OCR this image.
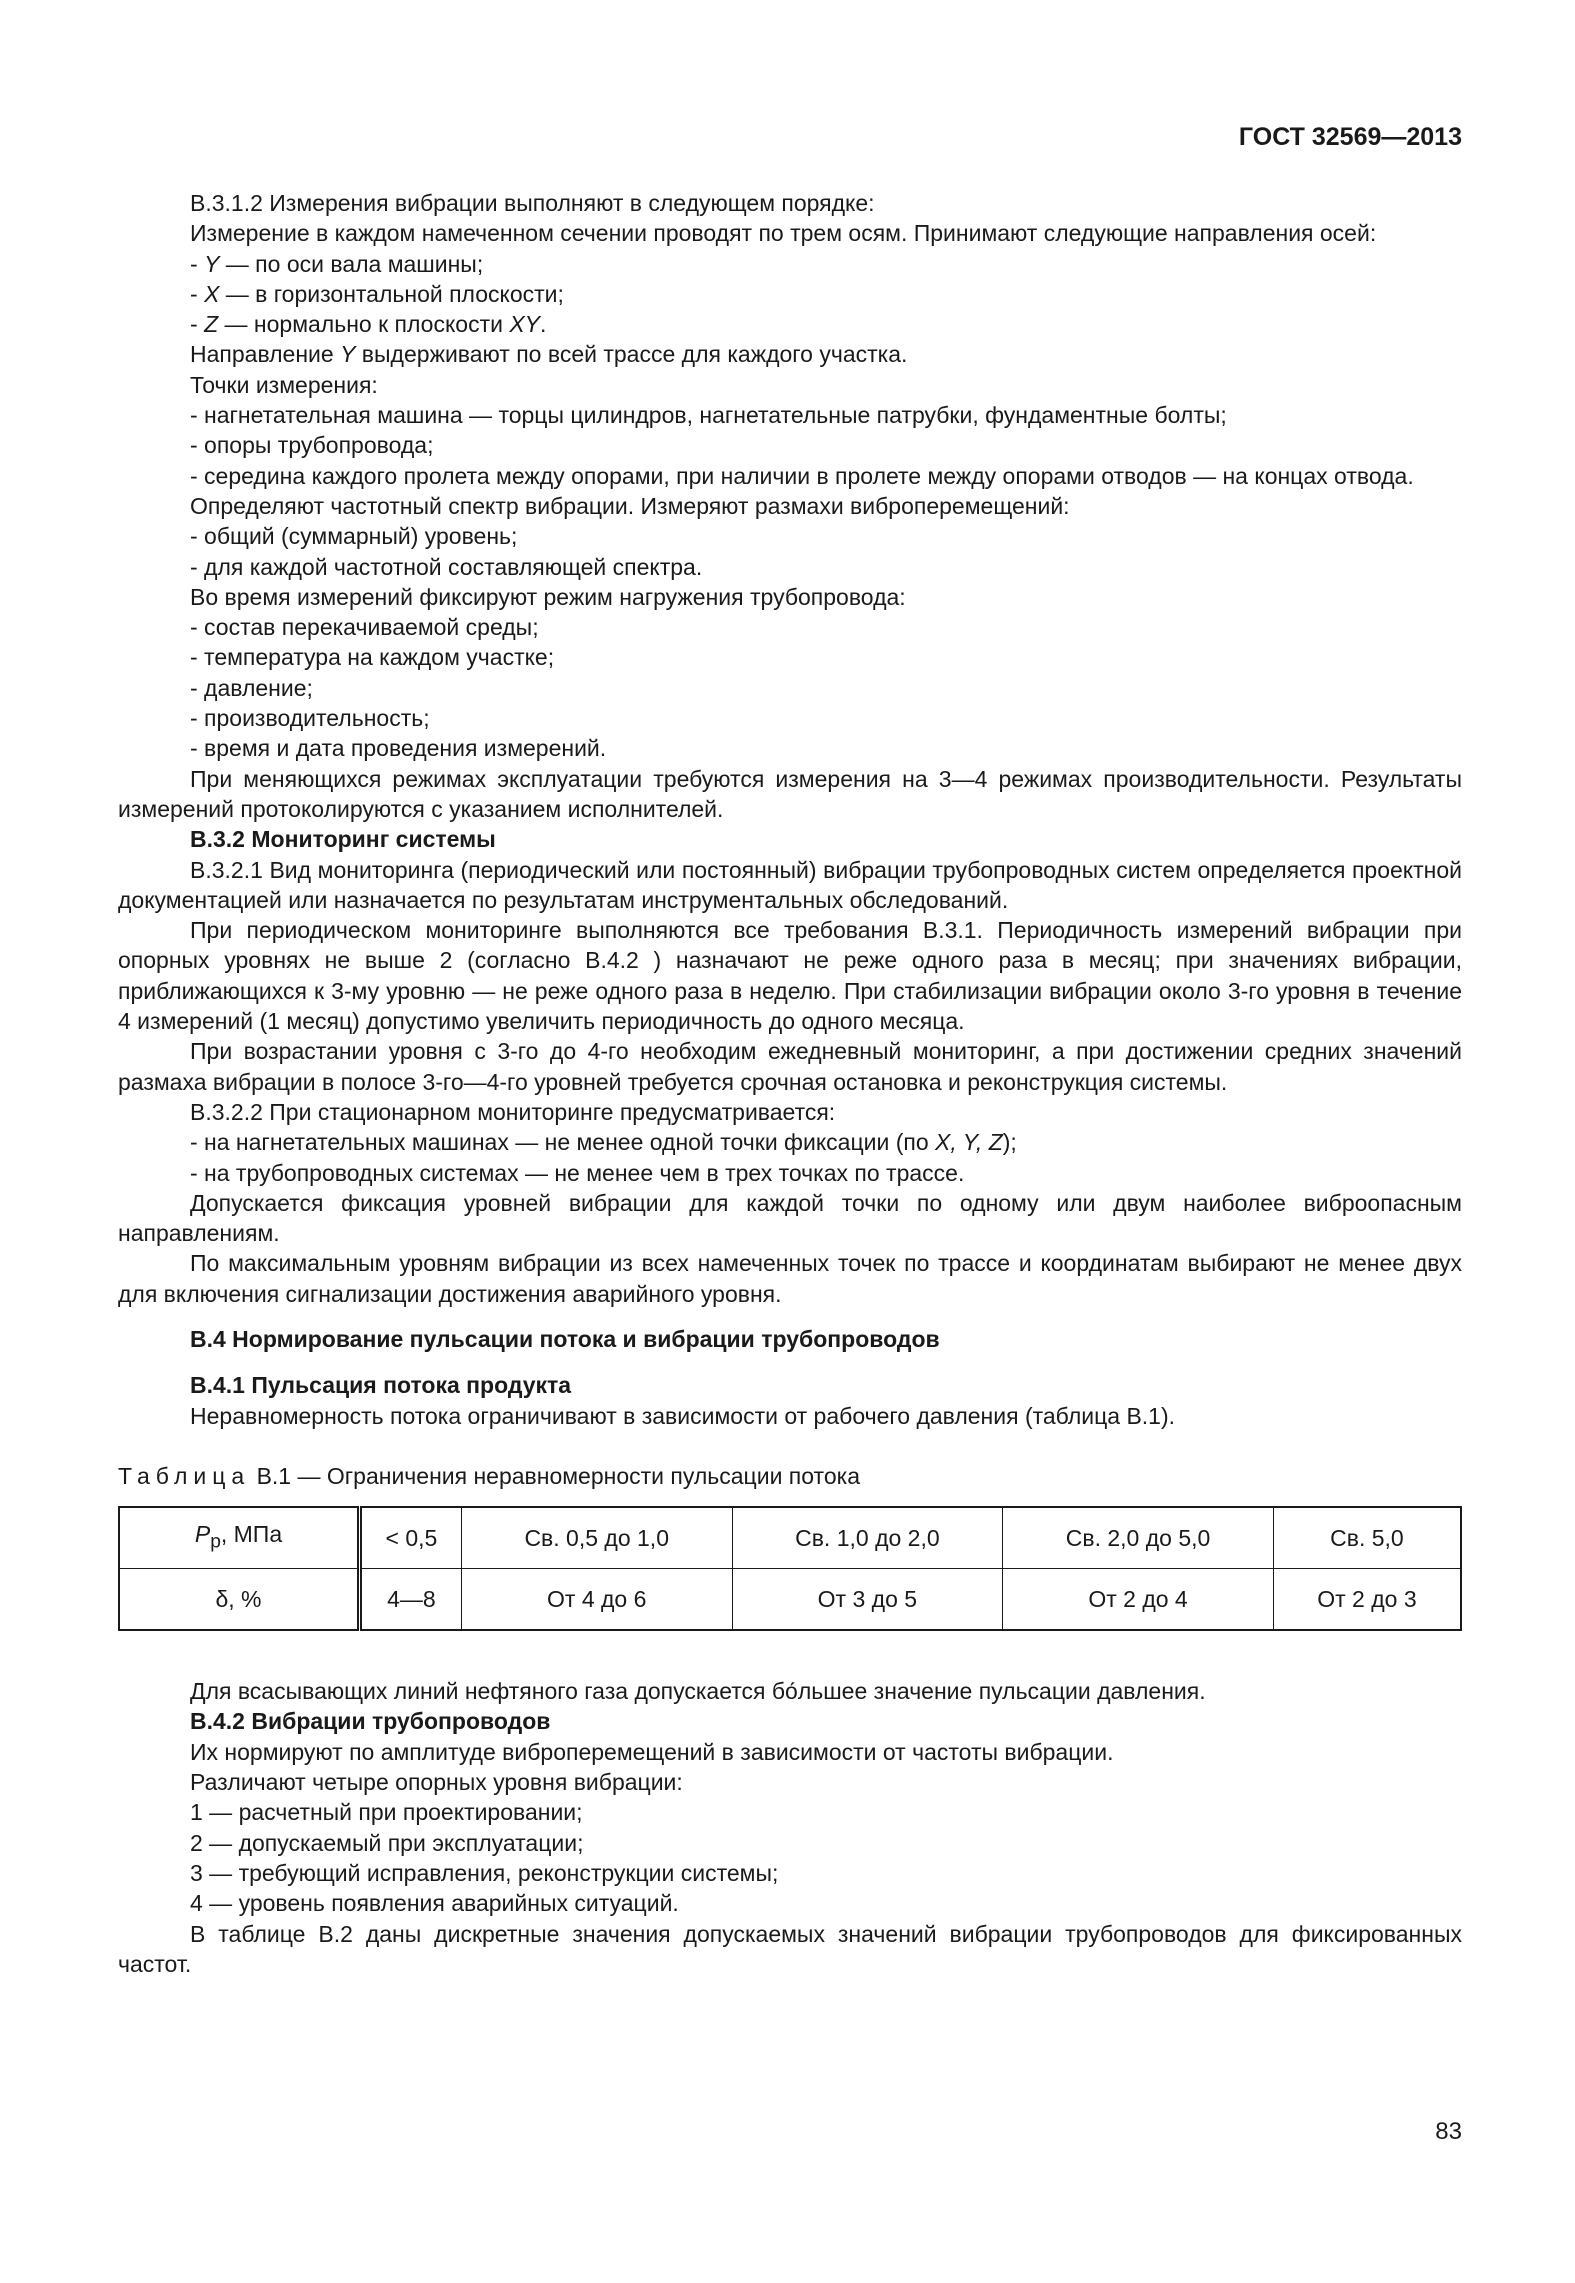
ГОСТ 32569—2013

В.3.1.2 Измерения вибрации выполняют в следующем порядке:

Измерение в каждом намеченном сечении проводят по трем осям. Принимают следующие направления осей:

- Y — по оси вала машины;

- X — в горизонтальной плоскости;

- Z — нормально к плоскости XY.

Направление Y выдерживают по всей трассе для каждого участка.

Точки измерения:

- нагнетательная машина — торцы цилиндров, нагнетательные патрубки, фундаментные болты;

- опоры трубопровода;

- середина каждого пролета между опорами, при наличии в пролете между опорами отводов — на концах отвода.

Определяют частотный спектр вибрации. Измеряют размахи виброперемещений:

- общий (суммарный) уровень;

- для каждой частотной составляющей спектра.

Во время измерений фиксируют режим нагружения трубопровода:

- состав перекачиваемой среды;

- температура на каждом участке;

- давление;

- производительность;

- время и дата проведения измерений.

При меняющихся режимах эксплуатации требуются измерения на 3—4 режимах производительности. Результаты измерений протоколируются с указанием исполнителей.

В.3.2 Мониторинг системы

В.3.2.1 Вид мониторинга (периодический или постоянный) вибрации трубопроводных систем определяется проектной документацией или назначается по результатам инструментальных обследований.

При периодическом мониторинге выполняются все требования В.3.1. Периодичность измерений вибрации при опорных уровнях не выше 2 (согласно В.4.2 ) назначают не реже одного раза в месяц; при значениях вибрации, приближающихся к 3-му уровню — не реже одного раза в неделю. При стабилизации вибрации около 3-го уровня в течение 4 измерений (1 месяц) допустимо увеличить периодичность до одного месяца.

При возрастании уровня с 3-го до 4-го необходим ежедневный мониторинг, а при достижении средних значений размаха вибрации в полосе 3-го—4-го уровней требуется срочная остановка и реконструкция системы.

В.3.2.2 При стационарном мониторинге предусматривается:

- на нагнетательных машинах — не менее одной точки фиксации (по X, Y, Z);

- на трубопроводных системах — не менее чем в трех точках по трассе.

Допускается фиксация уровней вибрации для каждой точки по одному или двум наиболее виброопасным направлениям.

По максимальным уровням вибрации из всех намеченных точек по трассе и координатам выбирают не менее двух для включения сигнализации достижения аварийного уровня.

В.4 Нормирование пульсации потока и вибрации трубопроводов

В.4.1 Пульсация потока продукта

Неравномерность потока ограничивают в зависимости от рабочего давления (таблица В.1).

Таблица В.1 — Ограничения неравномерности пульсации потока

$P_р$, МПа	< 0,5	Св. 0,5 до 1,0	Св. 1,0 до 2,0	Св. 2,0 до 5,0	Св. 5,0
δ, %	4—8	От 4 до 6	От 3 до 5	От 2 до 4	От 2 до 3

Для всасывающих линий нефтяного газа допускается бо́льшее значение пульсации давления.

В.4.2 Вибрации трубопроводов

Их нормируют по амплитуде виброперемещений в зависимости от частоты вибрации.

Различают четыре опорных уровня вибрации:

1 — расчетный при проектировании;

2 — допускаемый при эксплуатации;

3 — требующий исправления, реконструкции системы;

4 — уровень появления аварийных ситуаций.

В таблице В.2 даны дискретные значения допускаемых значений вибрации трубопроводов для фиксированных частот.

83
